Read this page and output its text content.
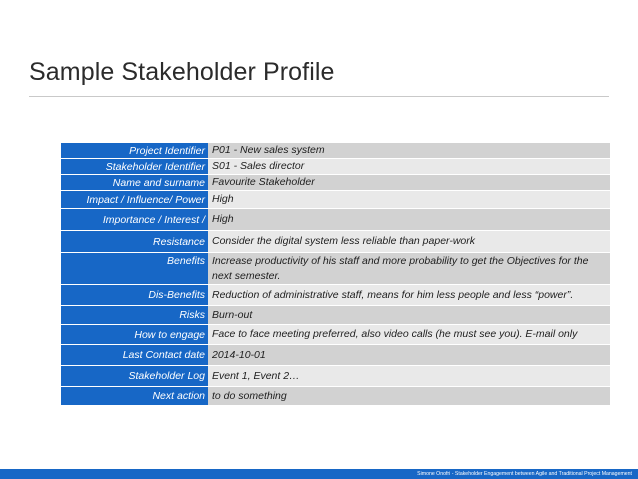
Sample Stakeholder Profile
Project Identifier	P01 - New sales system
Stakeholder Identifier	S01 - Sales director
Name and surname	Favourite Stakeholder
Impact / Influence/ Power	High
Importance / Interest /	High
Resistance	Consider the digital system less reliable than paper-work
Benefits	Increase productivity of his staff and more probability to get the Objectives for the next semester.
Dis-Benefits	Reduction of administrative staff, means for him less people and less “power”.
Risks	Burn-out
How to engage	Face to face meeting preferred, also video calls (he must see you). E-mail only
Last Contact date	2014-10-01
Stakeholder Log	Event 1, Event 2…
Next action	to do something
Simone Onofri - Stakeholder Engagement between Agile and Traditional Project Management
